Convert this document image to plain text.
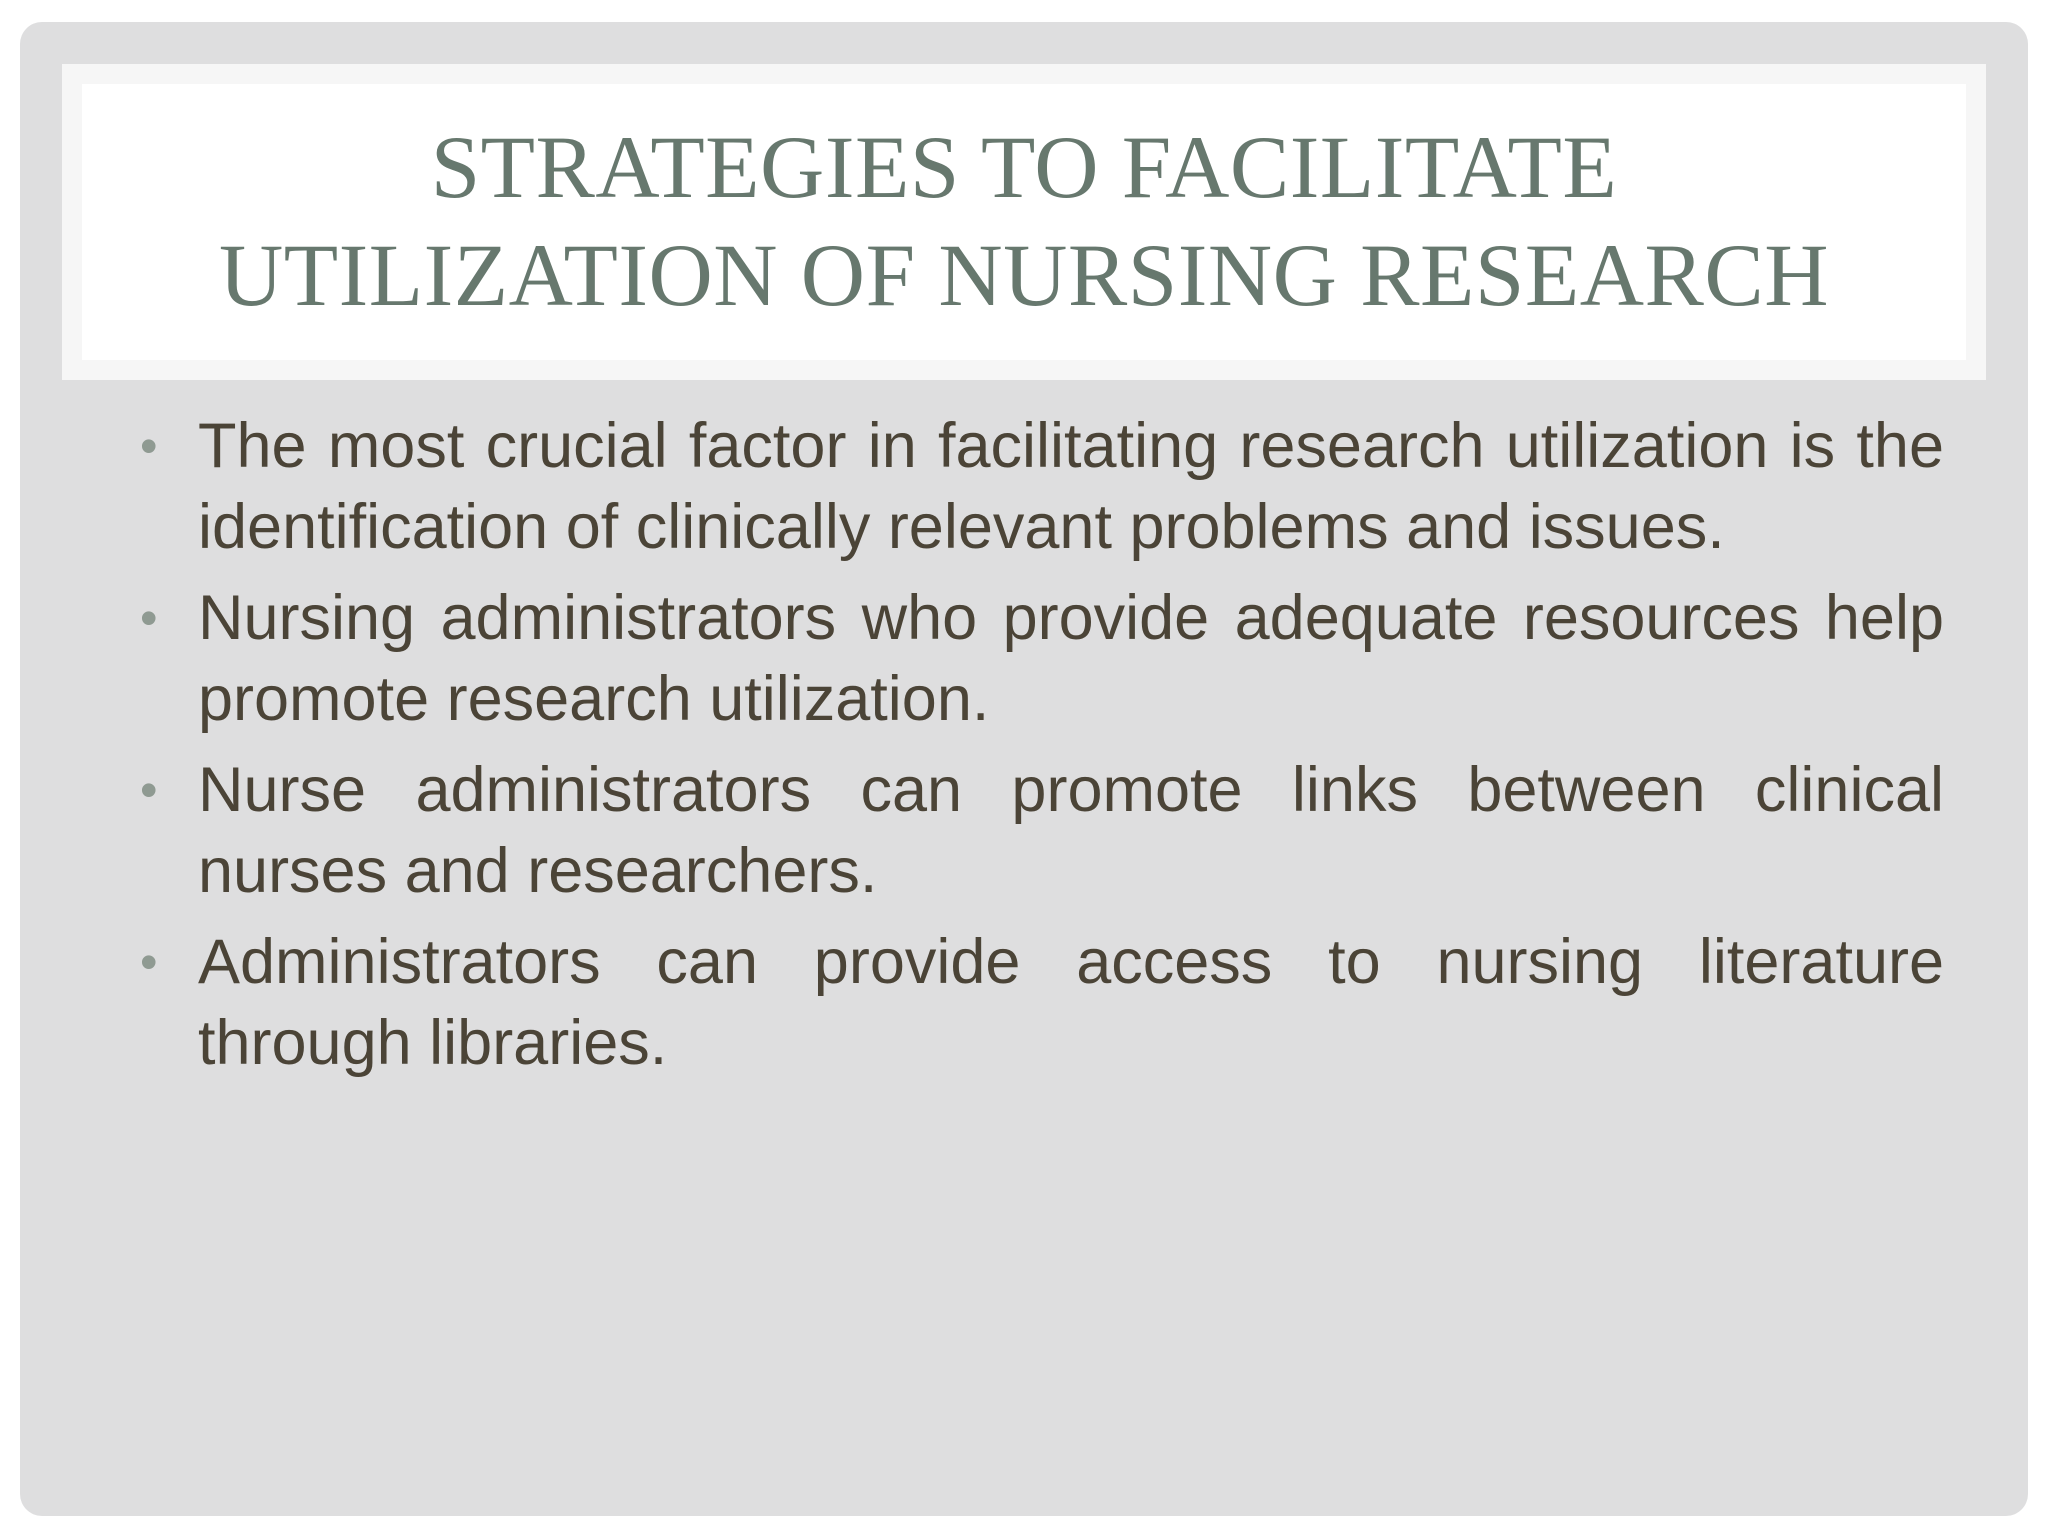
STRATEGIES TO FACILITATE
UTILIZATION OF NURSING RESEARCH
• The most crucial factor in facilitating research utilization is the identification of clinically relevant problems and issues.
• Nursing administrators who provide adequate resources help promote research utilization.
• Nurse administrators can promote links between clinical nurses and researchers.
• Administrators can provide access to nursing literature through libraries.
